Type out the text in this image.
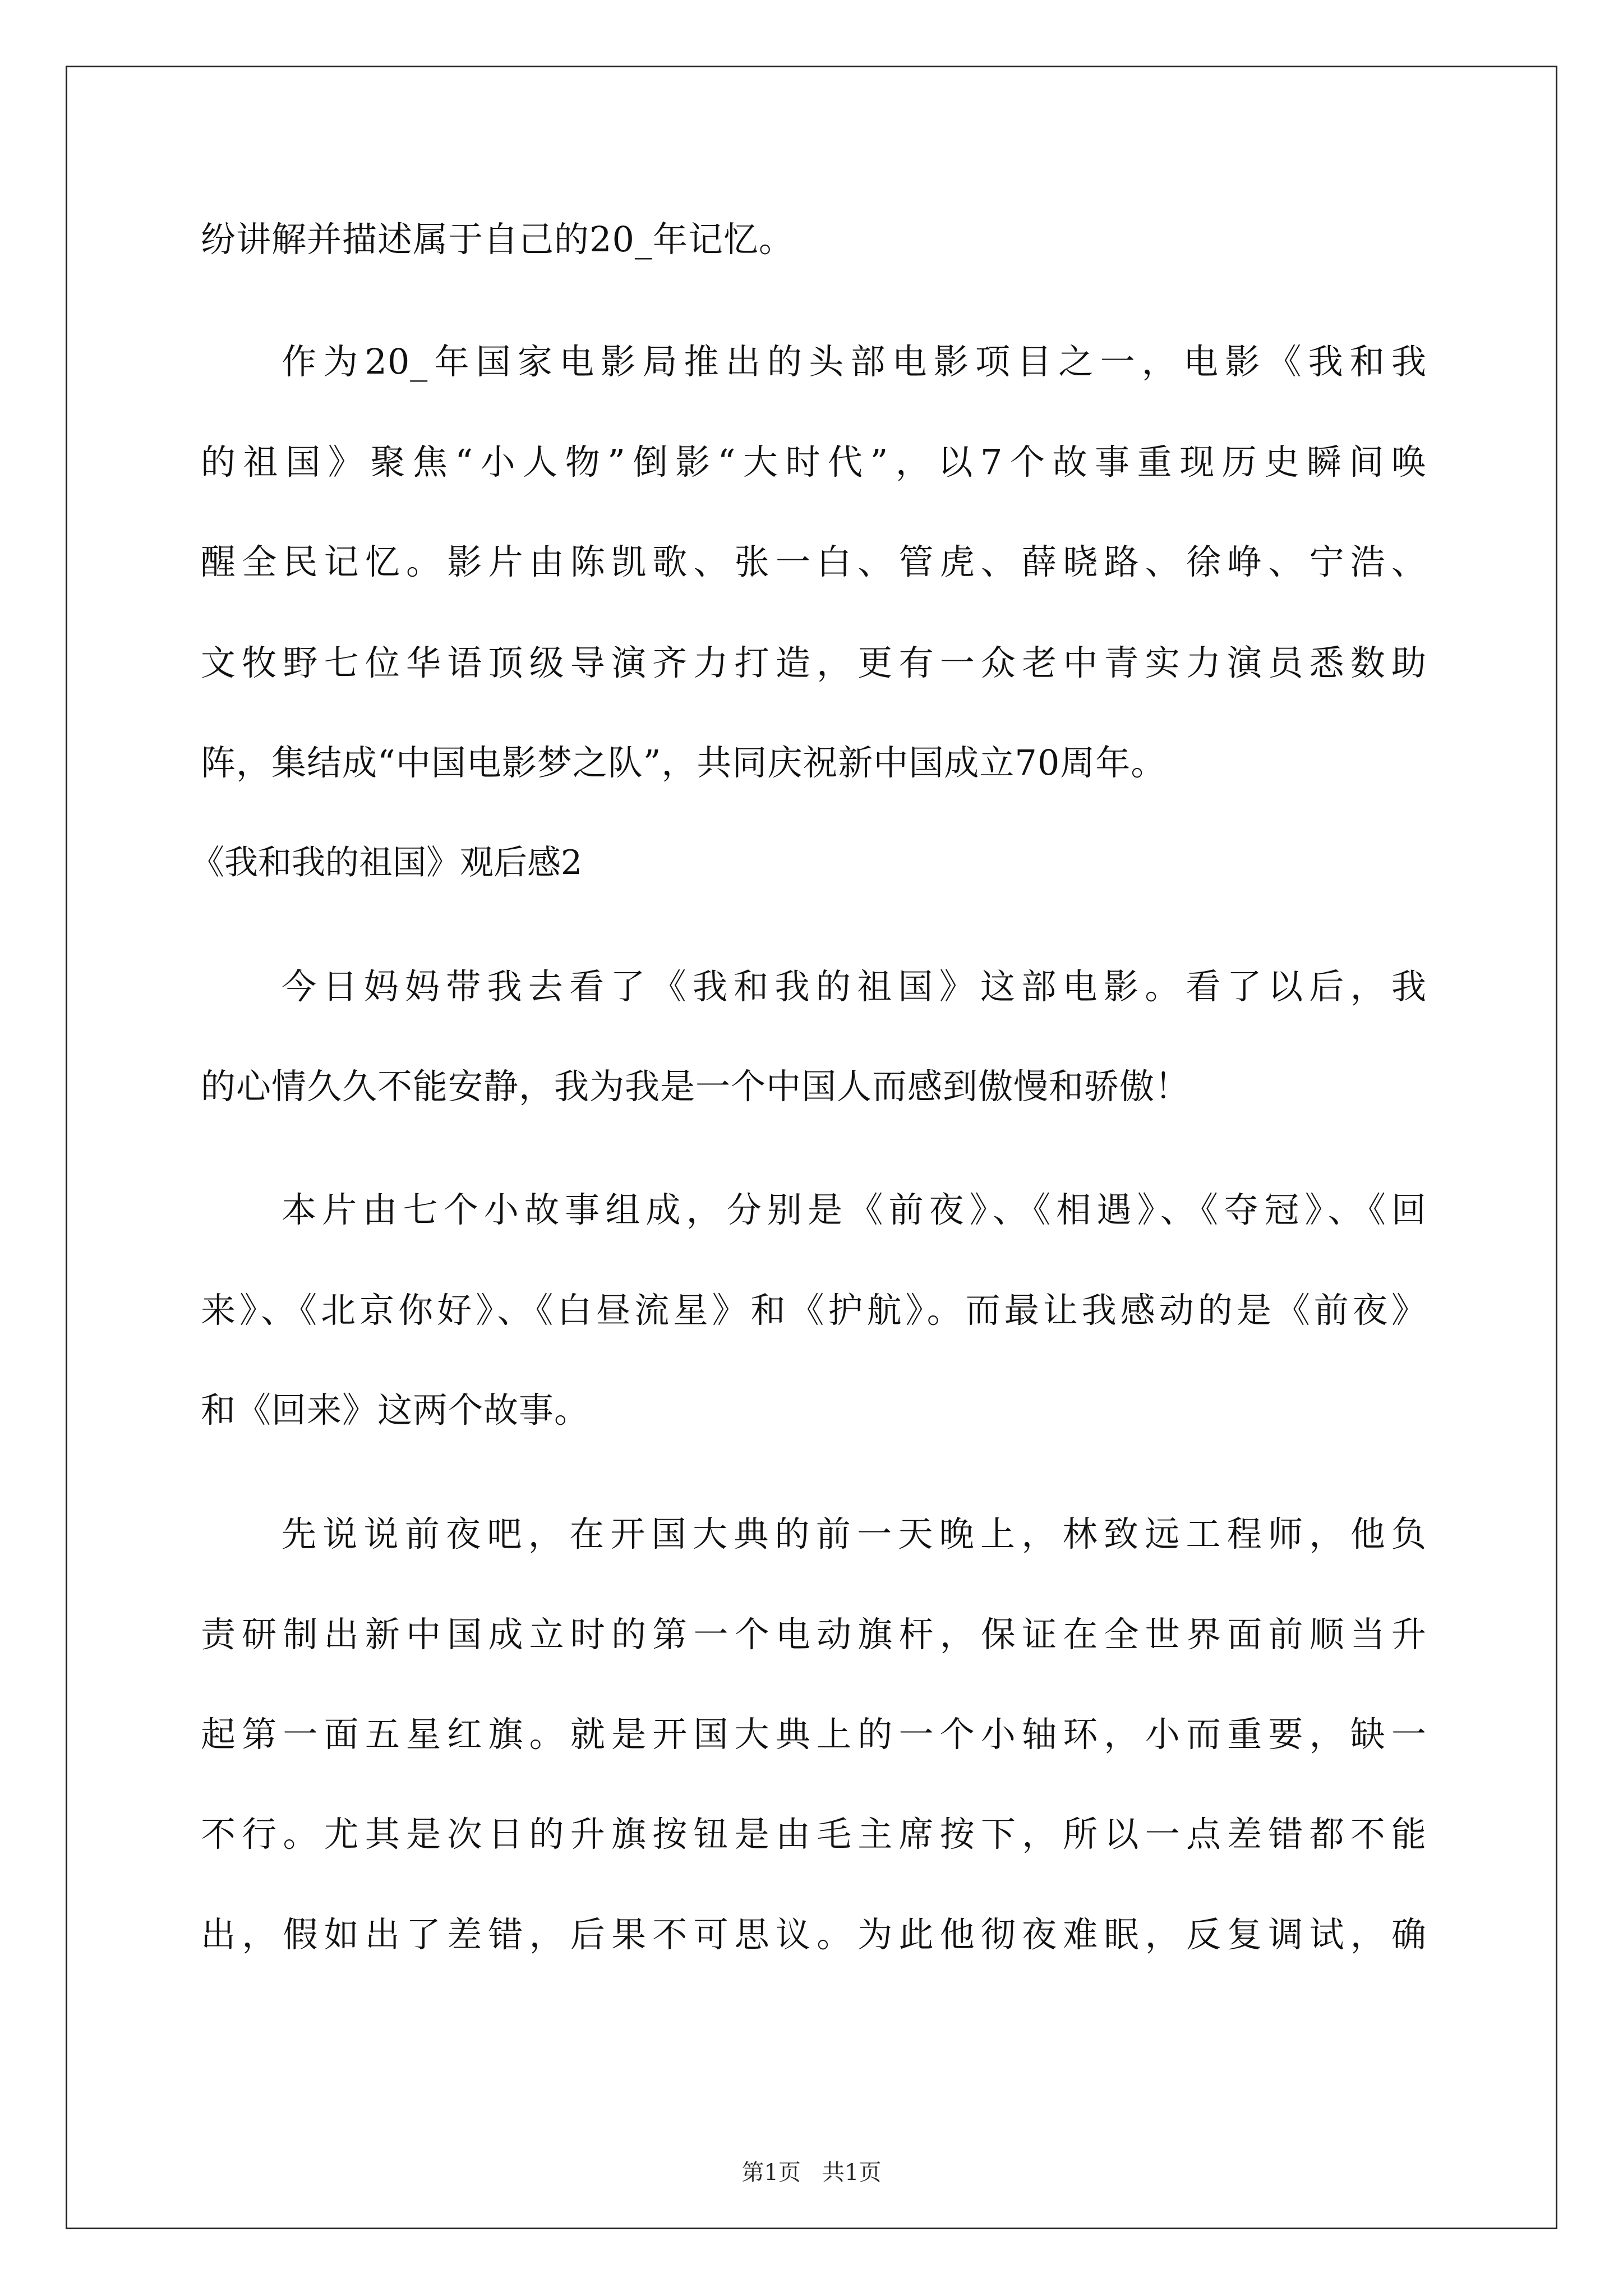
纷讲解并描述属于自己的20_年记忆。
作为20_年国家电影局推出的头部电影项目之一，电影《我和我
的祖国》聚焦“小人物”倒影“大时代”，以7个故事重现历史瞬间唤
醒全民记忆。影片由陈凯歌、张一白、管虎、薛晓路、徐峥、宁浩、
文牧野七位华语顶级导演齐力打造，更有一众老中青实力演员悉数助
阵，集结成“中国电影梦之队”，共同庆祝新中国成立70周年。
《我和我的祖国》观后感2
今日妈妈带我去看了《我和我的祖国》这部电影。看了以后，我
的心情久久不能安静，我为我是一个中国人而感到傲慢和骄傲！
本片由七个小故事组成，分别是《前夜》、《相遇》、《夺冠》、《回
来》、《北京你好》、《白昼流星》和《护航》。而最让我感动的是《前夜》
和《回来》这两个故事。
先说说前夜吧，在开国大典的前一天晚上，林致远工程师，他负
责研制出新中国成立时的第一个电动旗杆，保证在全世界面前顺当升
起第一面五星红旗。就是开国大典上的一个小轴环，小而重要，缺一
不行。尤其是次日的升旗按钮是由毛主席按下，所以一点差错都不能
出，假如出了差错，后果不可思议。为此他彻夜难眠，反复调试，确
第1页   共1页
